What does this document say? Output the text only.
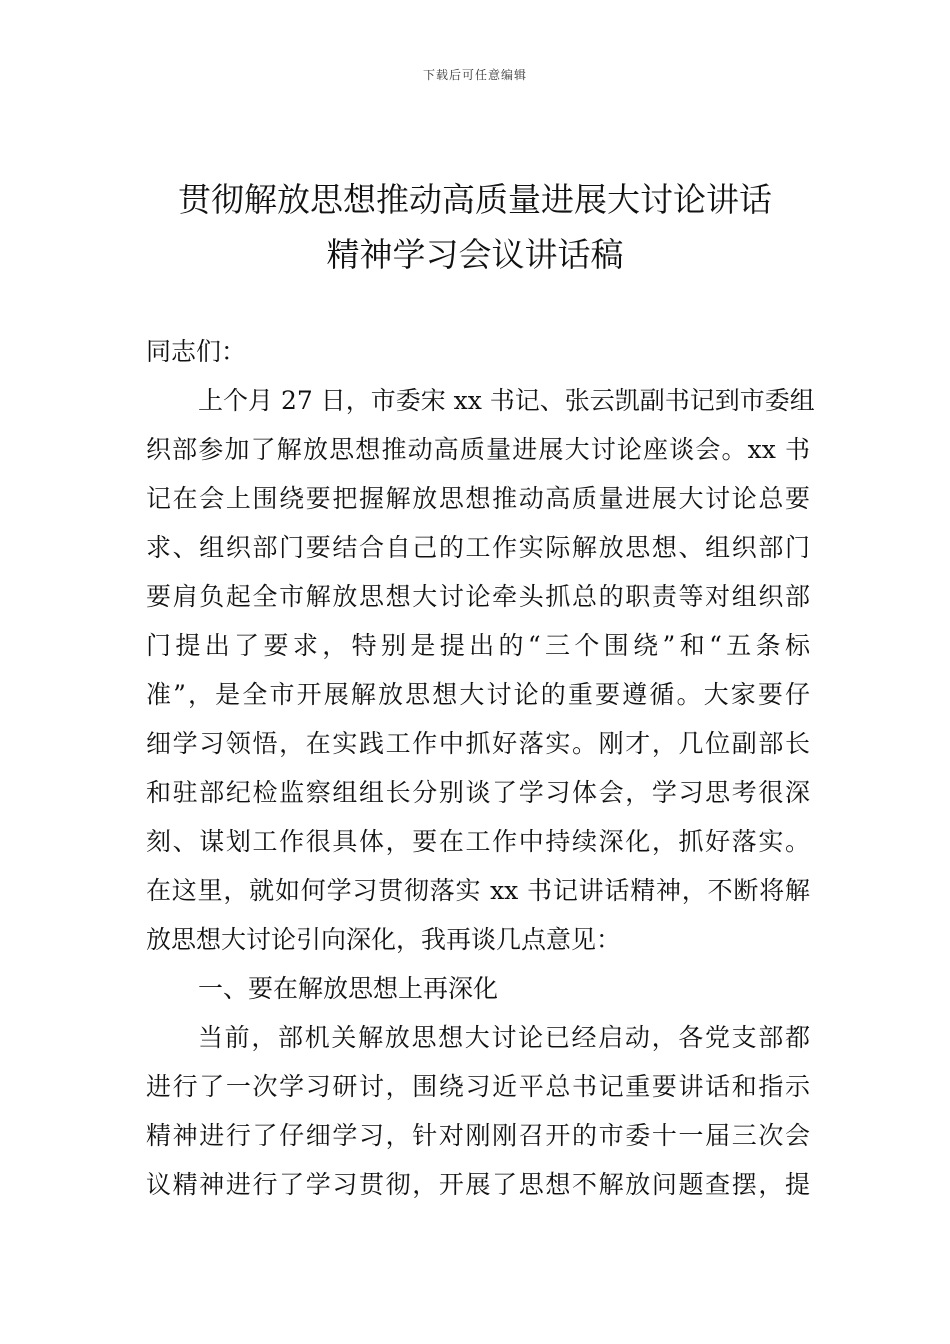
下载后可任意编辑
贯彻解放思想推动高质量进展大讨论讲话
精神学习会议讲话稿
同志们：
上个月 27 日，市委宋 xx 书记、张云凯副书记到市委组
织部参加了解放思想推动高质量进展大讨论座谈会。xx 书
记在会上围绕要把握解放思想推动高质量进展大讨论总要
求、组织部门要结合自己的工作实际解放思想、组织部门
要肩负起全市解放思想大讨论牵头抓总的职责等对组织部
门提出了要求，特别是提出的“三个围绕”和“五条标
准”，是全市开展解放思想大讨论的重要遵循。大家要仔
细学习领悟，在实践工作中抓好落实。刚才，几位副部长
和驻部纪检监察组组长分别谈了学习体会，学习思考很深
刻、谋划工作很具体，要在工作中持续深化，抓好落实。
在这里，就如何学习贯彻落实 xx 书记讲话精神，不断将解
放思想大讨论引向深化，我再谈几点意见：
一、要在解放思想上再深化
当前，部机关解放思想大讨论已经启动，各党支部都
进行了一次学习研讨，围绕习近平总书记重要讲话和指示
精神进行了仔细学习，针对刚刚召开的市委十一届三次会
议精神进行了学习贯彻，开展了思想不解放问题查摆，提
